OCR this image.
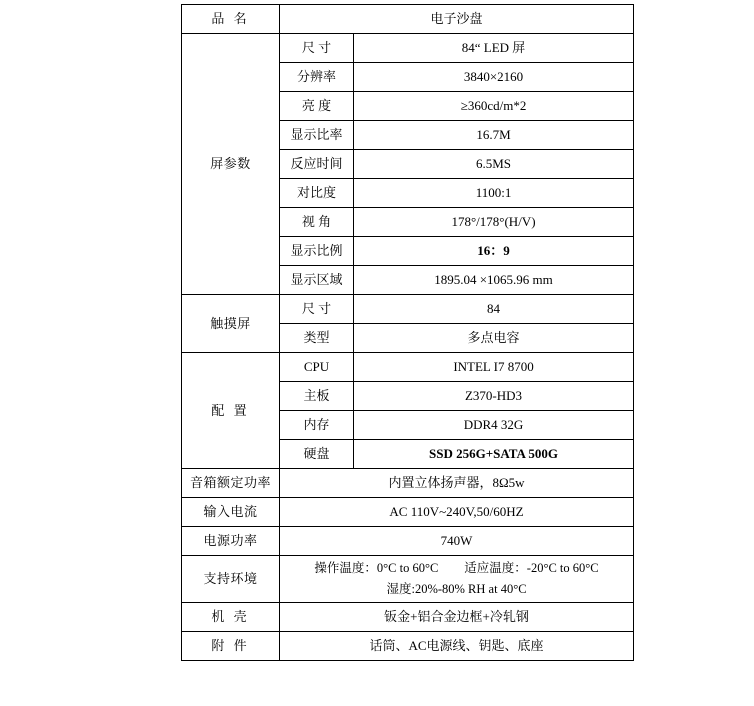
品 名	电子沙盘	
屏参数	尺 寸	84“ LED 屏
	分辨率	3840×2160
	亮 度	≥360cd/m*2
	显示比率	16.7M
	反应时间	6.5MS
	对比度	1100:1
	视 角	178°/178°(H/V)
	显示比例	16：9
	显示区域	1895.04 ×1065.96 mm
触摸屏	尺 寸	84
	类型	多点电容
配 置	CPU	INTEL I7 8700
	主板	Z370-HD3
	内存	DDR4 32G
	硬盘	SSD 256G+SATA 500G
音箱额定功率	内置立体扬声器，8Ω5w	
输入电流	AC 110V~240V,50/60HZ	
电源功率	740W	
支持环境	操作温度：0°C to 60°C 适应温度：-20°C to 60°C
湿度:20%-80% RH at 40°C	

机 壳	钣金+铝合金边框+冷轧钢	
附 件	话筒、AC电源线、钥匙、底座	
